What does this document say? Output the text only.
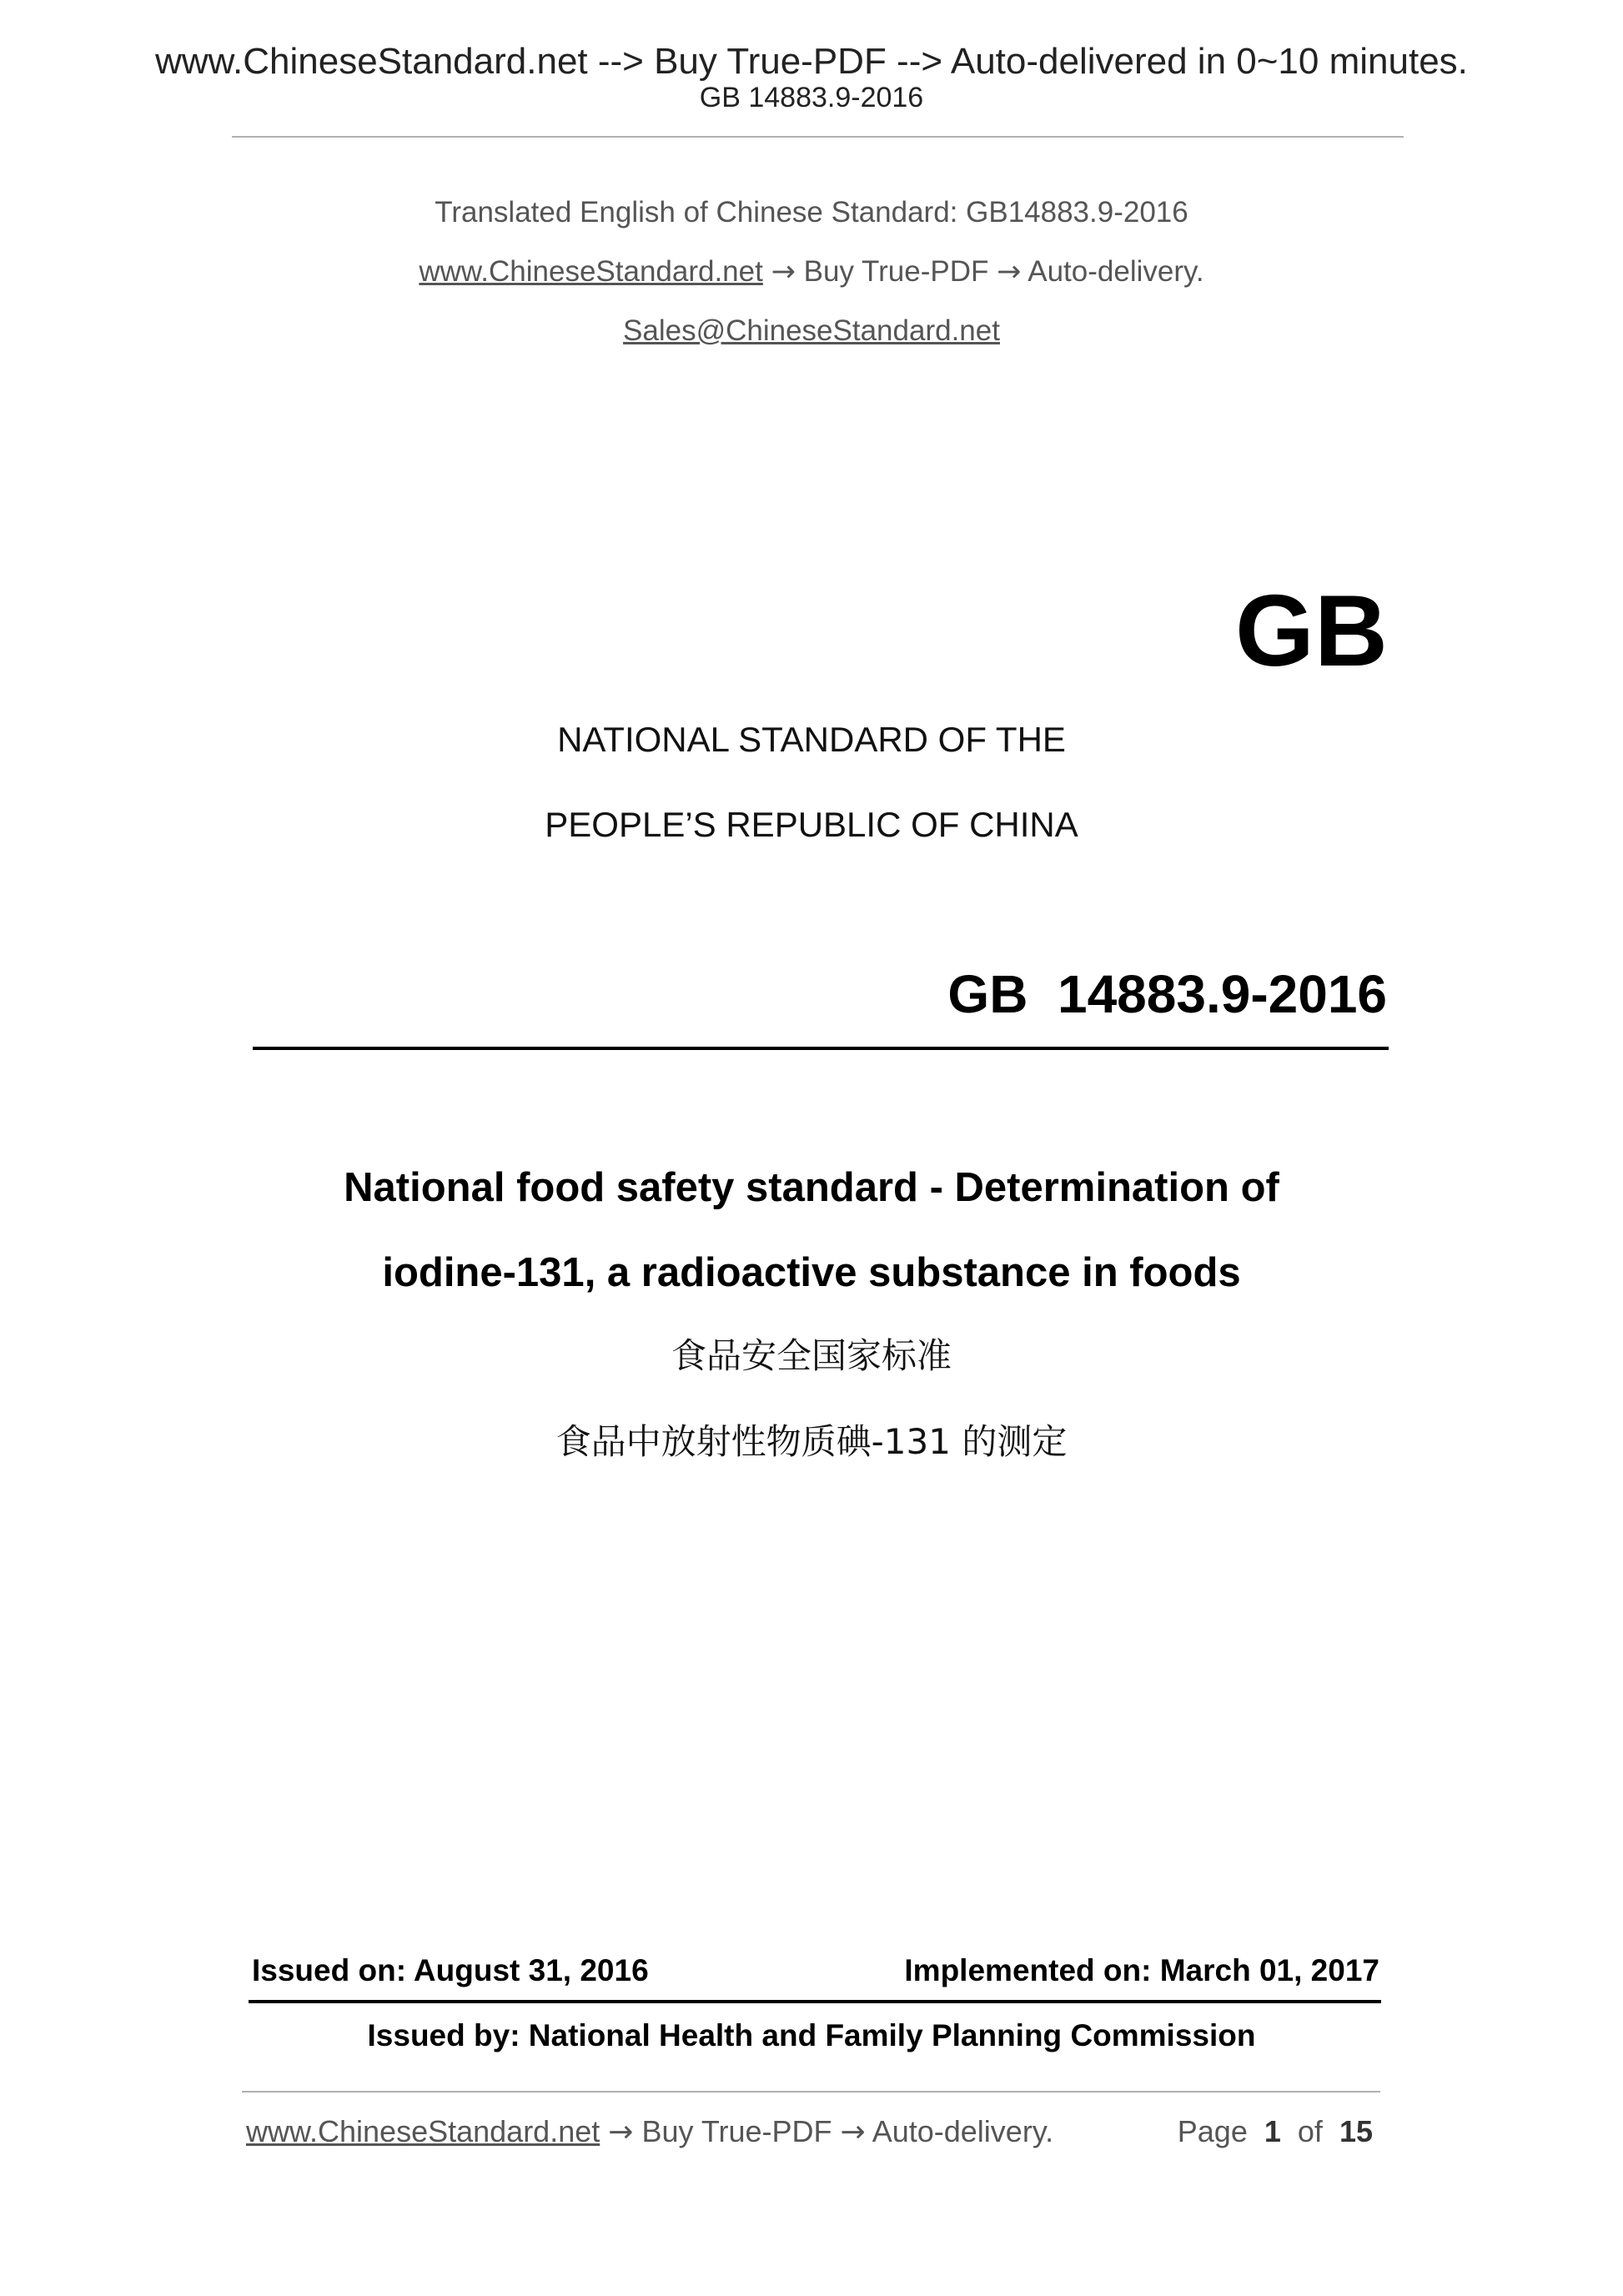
www.ChineseStandard.net --> Buy True-PDF --> Auto-delivered in 0~10 minutes.
GB 14883.9-2016
Translated English of Chinese Standard: GB14883.9-2016
www.ChineseStandard.net → Buy True-PDF → Auto-delivery.
Sales@ChineseStandard.net
GB
NATIONAL STANDARD OF THE
PEOPLE’S REPUBLIC OF CHINA
GB  14883.9-2016
National food safety standard - Determination of
iodine-131, a radioactive substance in foods
食品安全国家标准
食品中放射性物质碘-131 的测定
Issued on: August 31, 2016	Implemented on: March 01, 2017
Issued by: National Health and Family Planning Commission
www.ChineseStandard.net → Buy True-PDF → Auto-delivery.	Page 1 of 15
